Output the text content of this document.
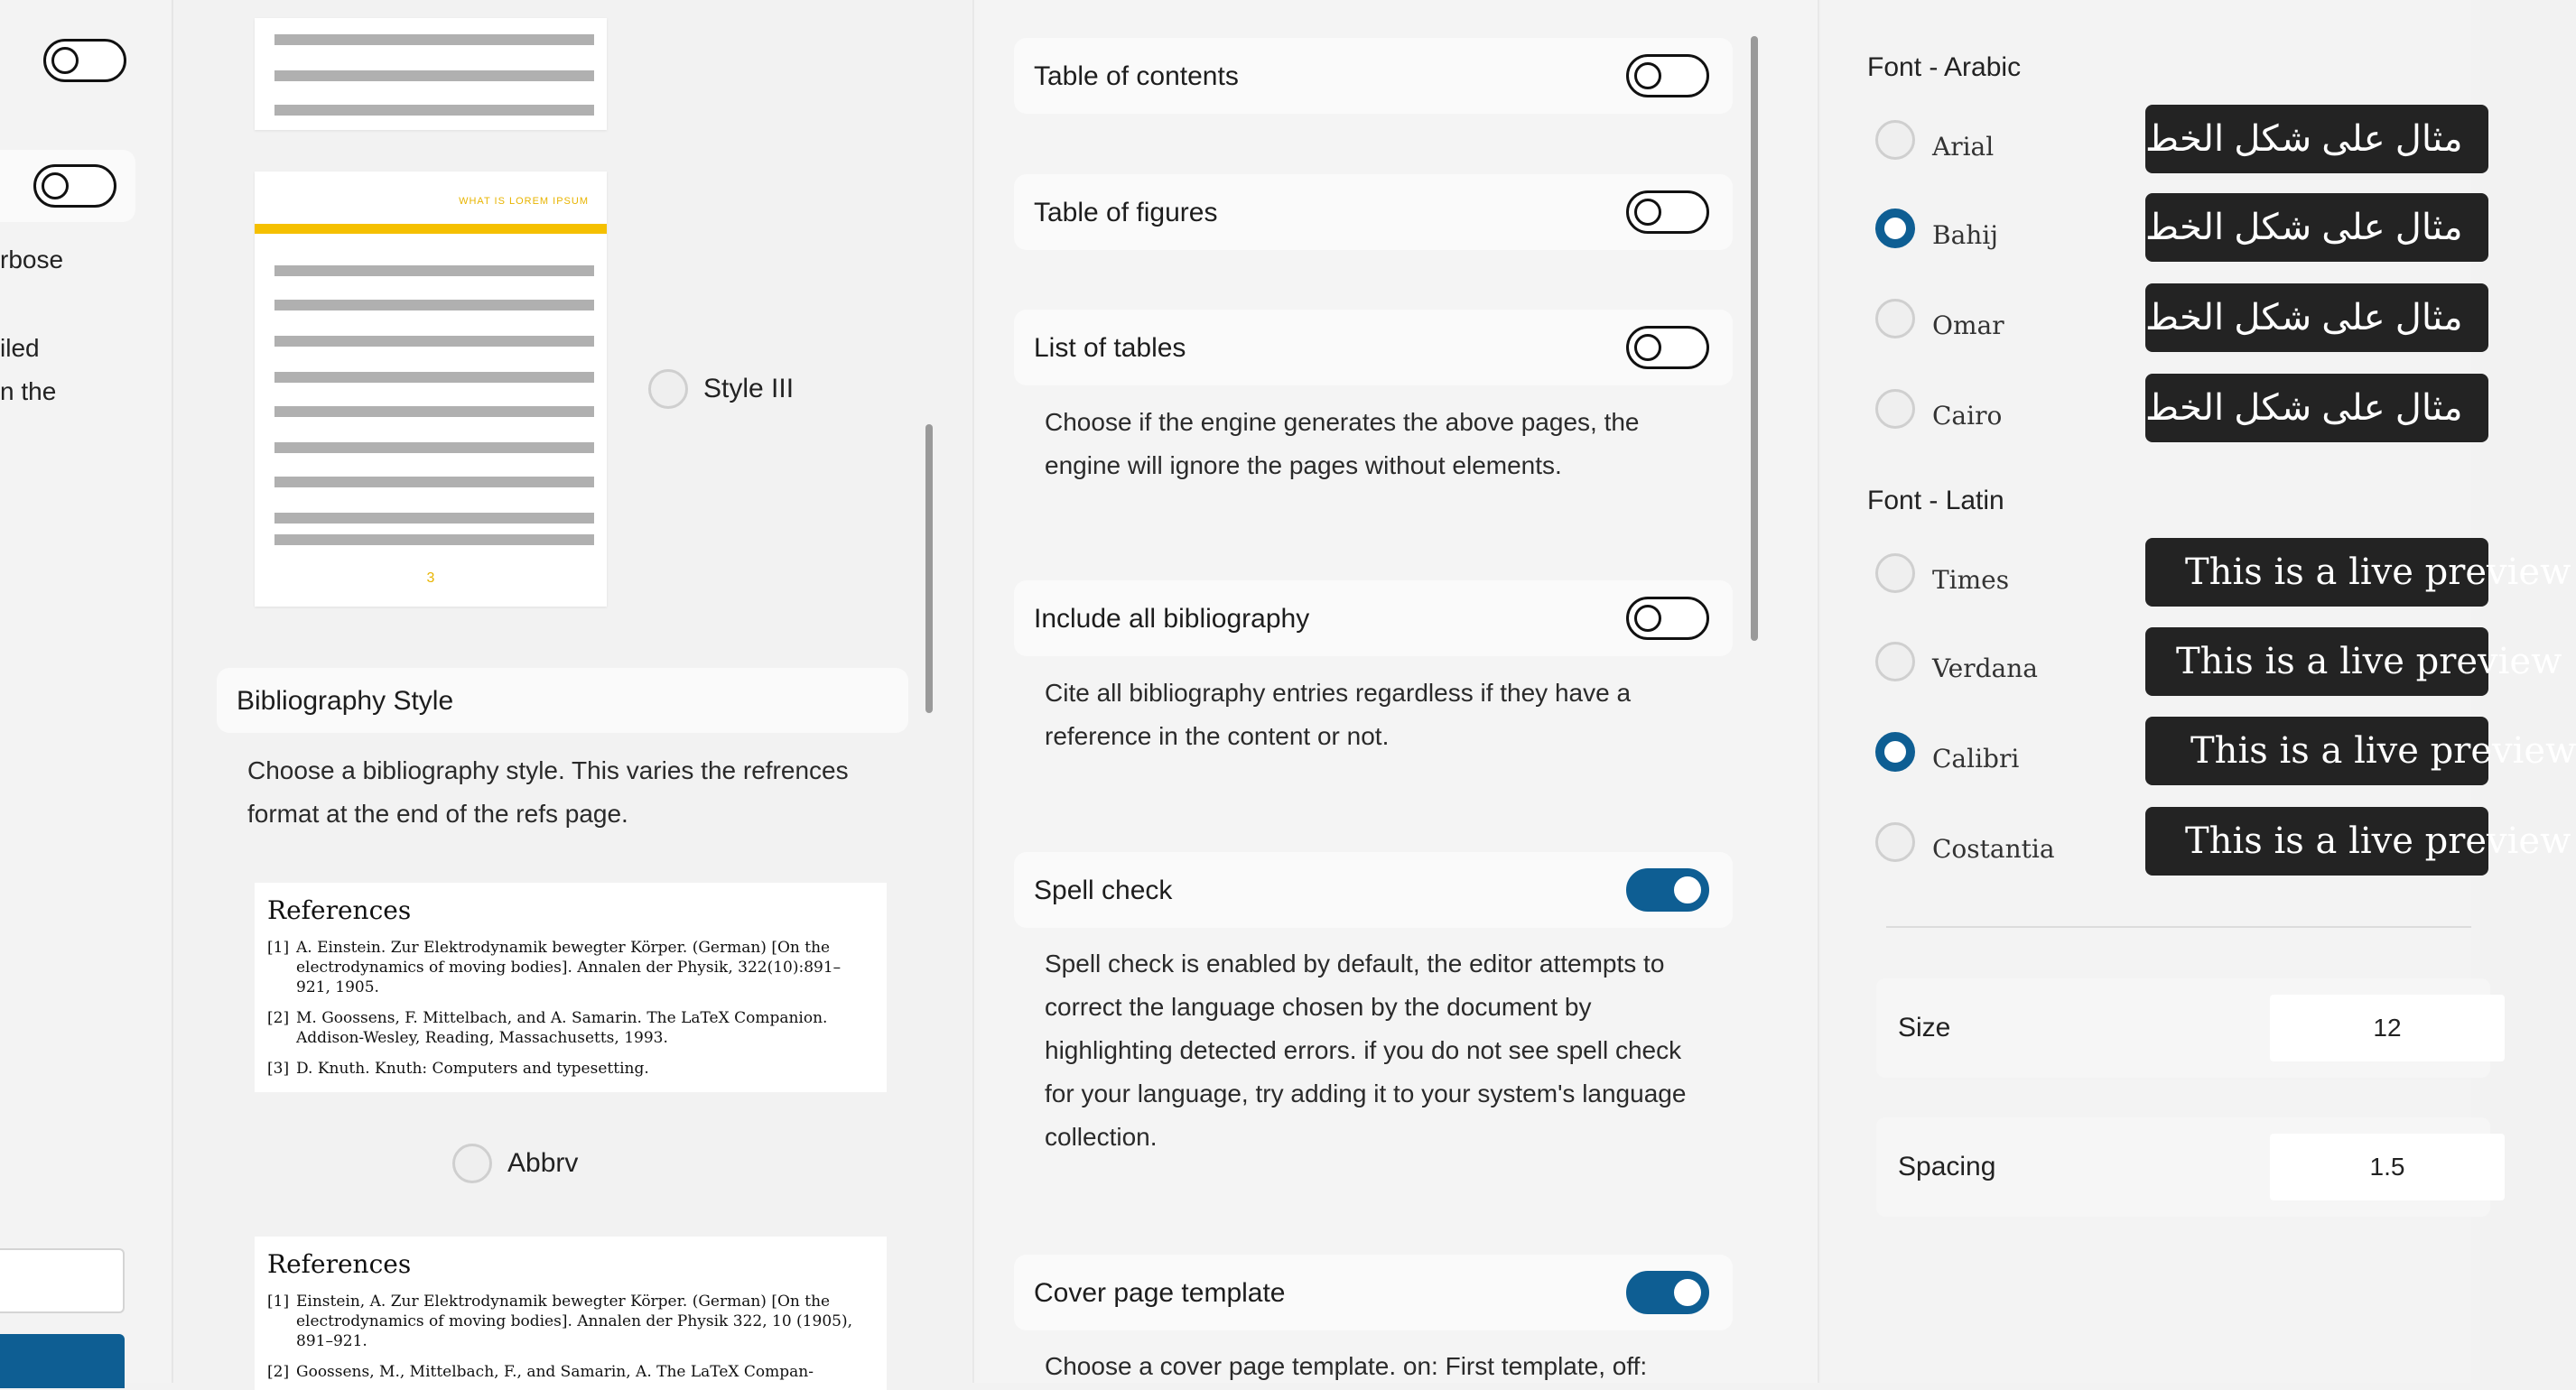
rbose
iled
n the
WHAT IS LOREM IPSUM
3
Style III
Bibliography Style
Choose a bibliography style. This varies the refrences
format at the end of the refs page.
References
[1] A. Einstein. Zur Elektrodynamik bewegter Körper. (German) [On the electrodynamics of moving bodies]. Annalen der Physik, 322(10):891–921, 1905.
[2] M. Goossens, F. Mittelbach, and A. Samarin. The LaTeX Companion. Addison-Wesley, Reading, Massachusetts, 1993.
[3] D. Knuth. Knuth: Computers and typesetting.
Abbrv
References
[1] Einstein, A. Zur Elektrodynamik bewegter Körper. (German) [On the electrodynamics of moving bodies]. Annalen der Physik 322, 10 (1905), 891–921.
[2] Goossens, M., Mittelbach, F., and Samarin, A. The LaTeX Compan-
Table of contents
Table of figures
List of tables
Choose if the engine generates the above pages, the
engine will ignore the pages without elements.
Include all bibliography
Cite all bibliography entries regardless if they have a
reference in the content or not.
Spell check
Spell check is enabled by default, the editor attempts to
correct the language chosen by the document by
highlighting detected errors. if you do not see spell check
for your language, try adding it to your system's language
collection.
Cover page template
Choose a cover page template. on: First template, off:
Font - Arabic
Arial	مثال على شكل الخط
Bahij	مثال على شكل الخط
Omar	مثال على شكل الخط
Cairo	مثال على شكل الخط
Font - Latin
Times	This is a live preview
Verdana	This is a live preview
Calibri	This is a live preview
Costantia	This is a live preview
Size	12
Spacing	1.5
